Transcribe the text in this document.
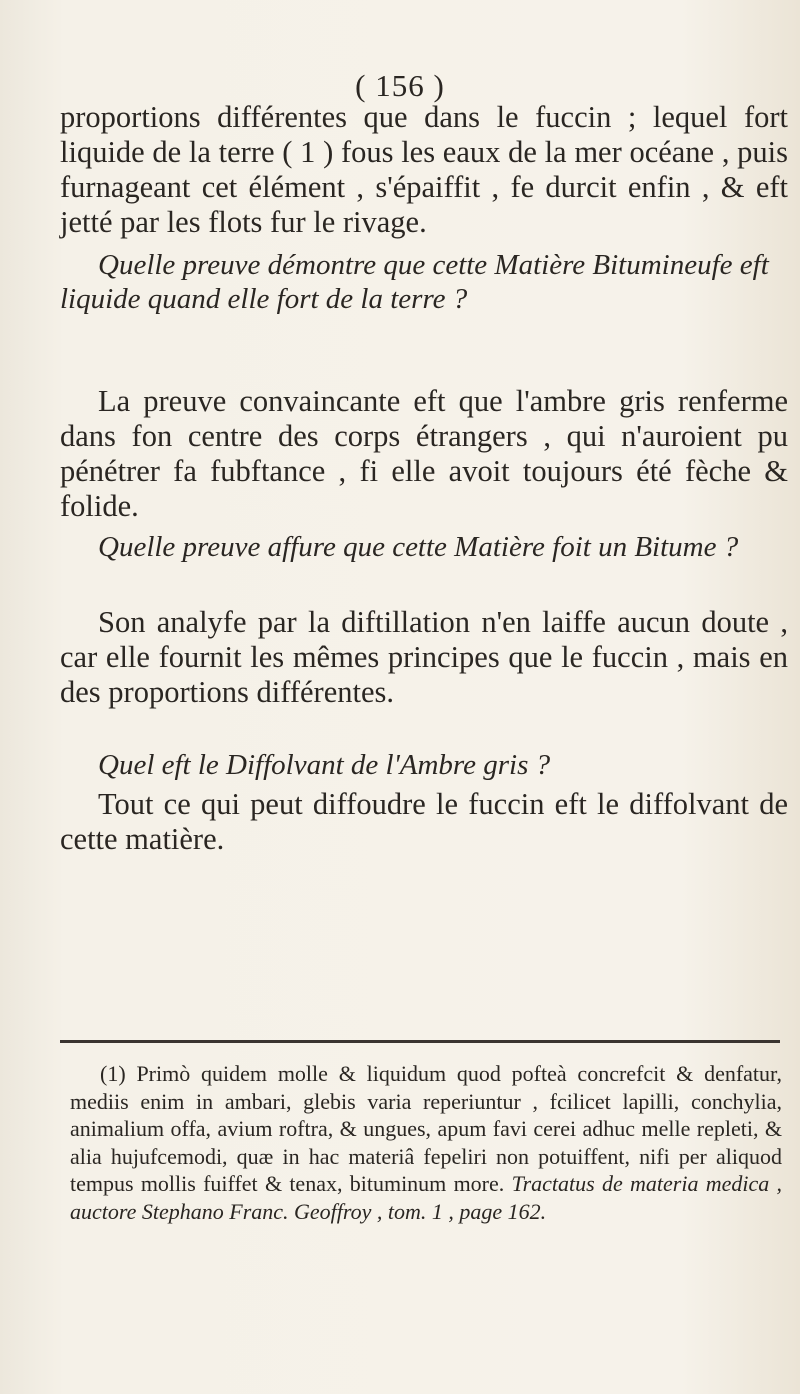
( 156 )

proportions différentes que dans le fuccin ; lequel fort liquide de la terre ( 1 ) fous les eaux de la mer océane , puis furnageant cet élément , s'épaiffit , fe durcit enfin , & eft jetté par les flots fur le rivage.

Quelle preuve démontre que cette Matière Bitumineufe eft liquide quand elle fort de la terre ?

La preuve convaincante eft que l'ambre gris renferme dans fon centre des corps étrangers , qui n'auroient pu pénétrer fa fubftance , fi elle avoit toujours été fèche & folide.

Quelle preuve affure que cette Matière foit un Bitume ?

Son analyfe par la diftillation n'en laiffe aucun doute , car elle fournit les mêmes principes que le fuccin , mais en des proportions différentes.

Quel eft le Diffolvant de l'Ambre gris ?

Tout ce qui peut diffoudre le fuccin eft le diffolvant de cette matière.

(1) Primò quidem molle & liquidum quod pofteà concrefcit & denfatur, mediis enim in ambari, glebis varia reperiuntur , fcilicet lapilli, conchylia, animalium offa, avium roftra, & ungues, apum favi cerei adhuc melle repleti, & alia hujufcemodi, quæ in hac materiâ fepeliri non potuiffent, nifi per aliquod tempus mollis fuiffet & tenax, bituminum more. Tractatus de materia medica , auctore Stephano Franc. Geoffroy , tom. 1 , page 162.
